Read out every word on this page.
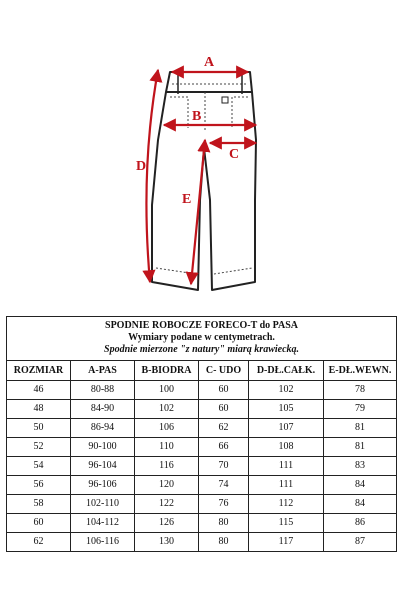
A
B
C
D
E
SPODNIE ROBOCZE FORECO-T do PASA
Wymiary podane w centymetrach.
Spodnie mierzone "z natury" miarą krawiecką.					

ROZMIAR	A-PAS	B-BIODRA	C- UDO	D-DŁ.CAŁK.	E-DŁ.WEWN.
46	80-88	100	60	102	78
48	84-90	102	60	105	79
50	86-94	106	62	107	81
52	90-100	110	66	108	81
54	96-104	116	70	111	83
56	96-106	120	74	111	84
58	102-110	122	76	112	84
60	104-112	126	80	115	86
62	106-116	130	80	117	87
